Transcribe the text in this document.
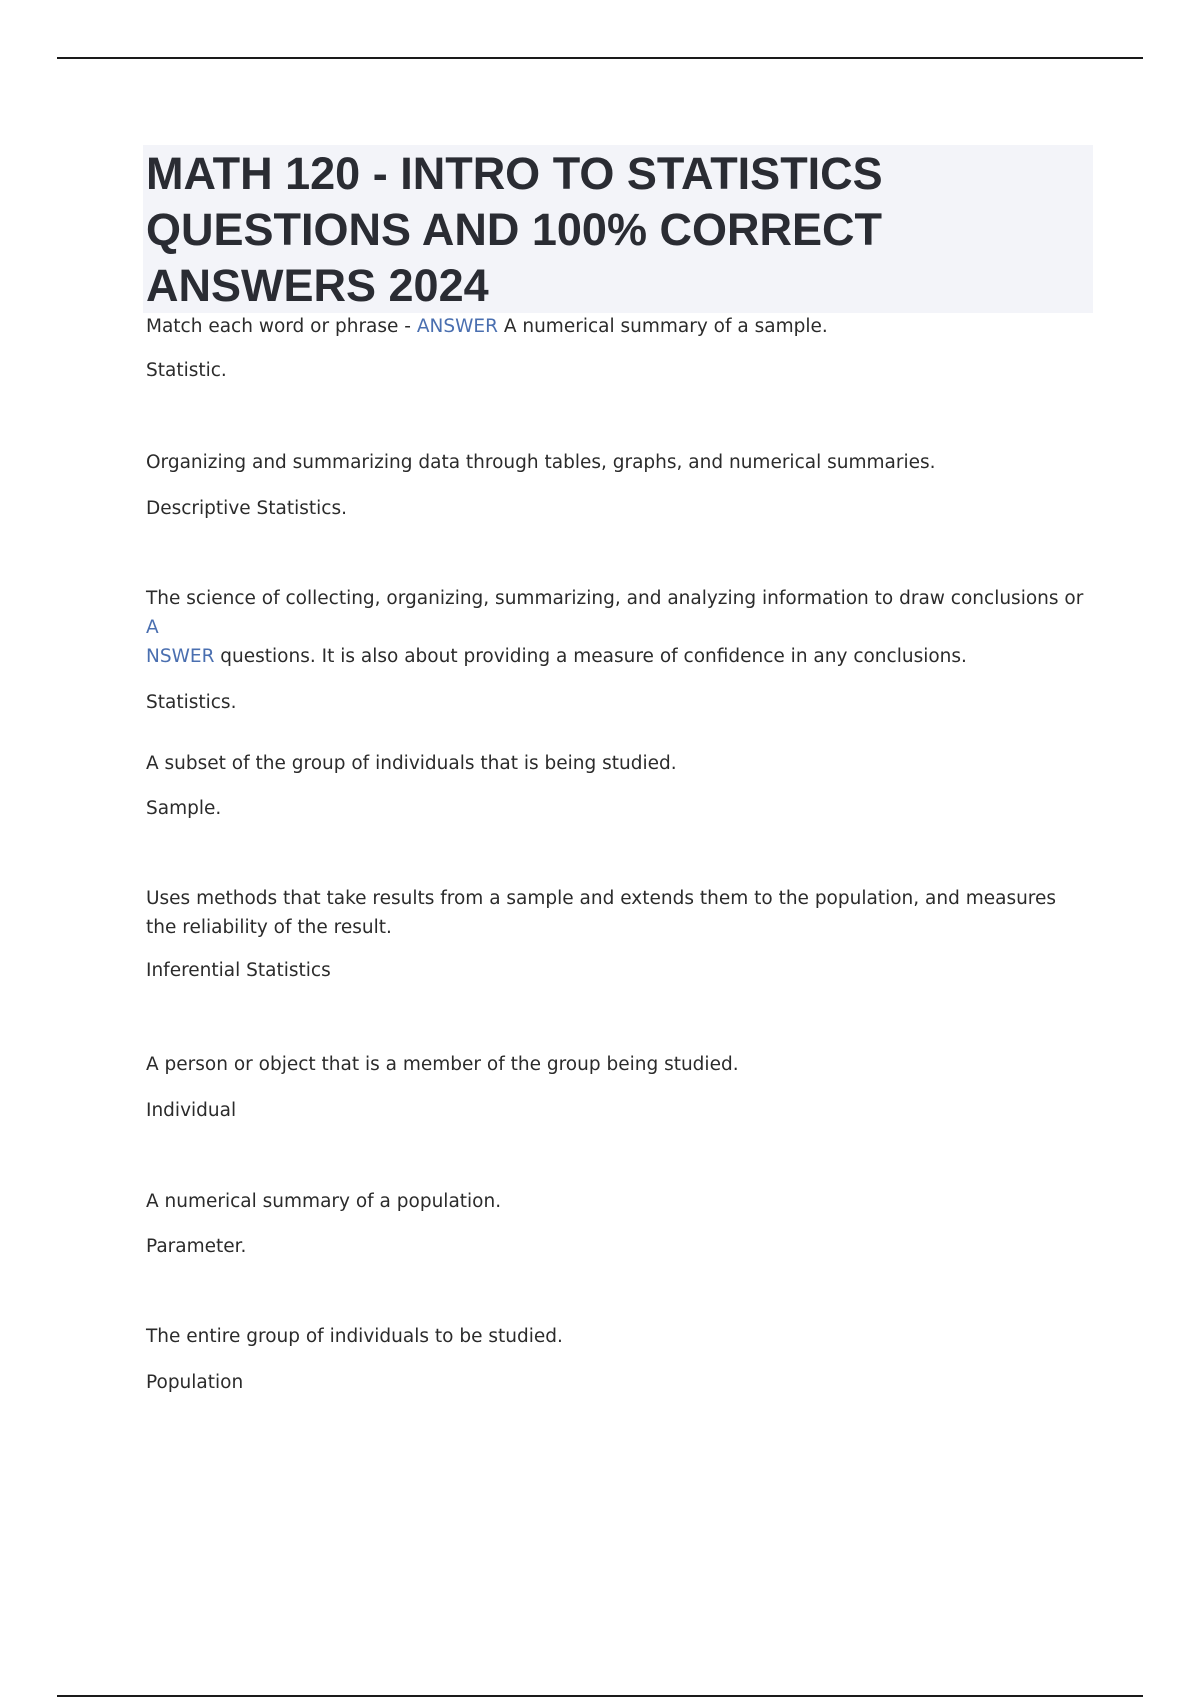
MATH 120 - INTRO TO STATISTICS QUESTIONS AND 100% CORRECT ANSWERS 2024

Match each word or phrase - ANSWER A numerical summary of a sample.

Statistic.

Organizing and summarizing data through tables, graphs, and numerical summaries.

Descriptive Statistics.

The science of collecting, organizing, summarizing, and analyzing information to draw conclusions or A
NSWER questions. It is also about providing a measure of confidence in any conclusions.

Statistics.

A subset of the group of individuals that is being studied.

Sample.

Uses methods that take results from a sample and extends them to the population, and measures the reliability of the result.

Inferential Statistics

A person or object that is a member of the group being studied.

Individual

A numerical summary of a population.

Parameter.

The entire group of individuals to be studied.

Population
